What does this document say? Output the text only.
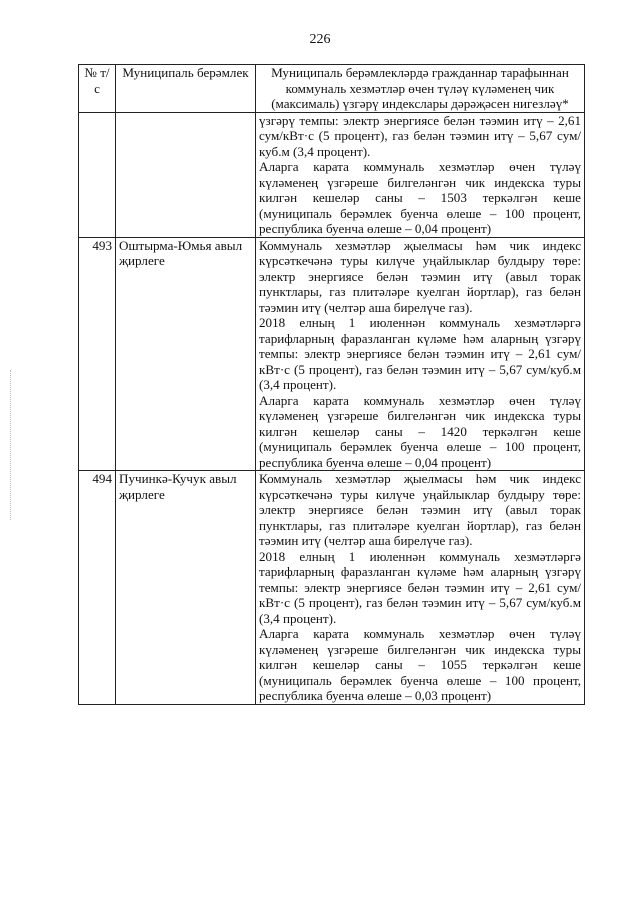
226
№ т/с	Муниципаль берәмлек	Муниципаль берәмлекләрдә гражданнар тарафыннан коммуналь хезмәтләр өчен түләү күләменең чик (максималь) үзгәрү индекслары дәрәҗәсен нигезләү*

		үзгәрү темпы: электр энергиясе белән тәэмин итү – 2,61 сум/кВт·с (5 процент), газ белән тәэмин итү – 5,67 сум/куб.м (3,4 процент).

Аларга карата коммуналь хезмәтләр өчен түләү күләменең үзгәреше билгеләнгән чик индекска туры килгән кешеләр саны – 1503 теркәлгән кеше (муниципаль берәмлек буенча өлеше – 100 процент, республика буенча өлеше – 0,04 процент)

493	Оштырма-Юмья авыл җирлеге	Коммуналь хезмәтләр җыелмасы һәм чик индекс күрсәткечәнә туры килүче уңайлыклар булдыру төре: электр энергиясе белән тәэмин итү (авыл торак пунктлары, газ плитәләре куелган йортлар), газ белән тәэмин итү (челтәр аша бирелүче газ).

2018 елның 1 июленнән коммуналь хезмәтләргә тарифларның фаразланган күләме һәм аларның үзгәрү темпы: электр энергиясе белән тәэмин итү – 2,61 сум/кВт·с (5 процент), газ белән тәэмин итү – 5,67 сум/куб.м (3,4 процент).

Аларга карата коммуналь хезмәтләр өчен түләү күләменең үзгәреше билгеләнгән чик индекска туры килгән кешеләр саны – 1420 теркәлгән кеше (муниципаль берәмлек буенча өлеше – 100 процент, республика буенча өлеше – 0,04 процент)

494	Пучинкә-Кучук авыл җирлеге	Коммуналь хезмәтләр җыелмасы һәм чик индекс күрсәткечәнә туры килүче уңайлыклар булдыру төре: электр энергиясе белән тәэмин итү (авыл торак пунктлары, газ плитәләре куелган йортлар), газ белән тәэмин итү (челтәр аша бирелүче газ).

2018 елның 1 июленнән коммуналь хезмәтләргә тарифларның фаразланган күләме һәм аларның үзгәрү темпы: электр энергиясе белән тәэмин итү – 2,61 сум/кВт·с (5 процент), газ белән тәэмин итү – 5,67 сум/куб.м (3,4 процент).

Аларга карата коммуналь хезмәтләр өчен түләү күләменең үзгәреше билгеләнгән чик индекска туры килгән кешеләр саны – 1055 теркәлгән кеше (муниципаль берәмлек буенча өлеше – 100 процент, республика буенча өлеше – 0,03 процент)
